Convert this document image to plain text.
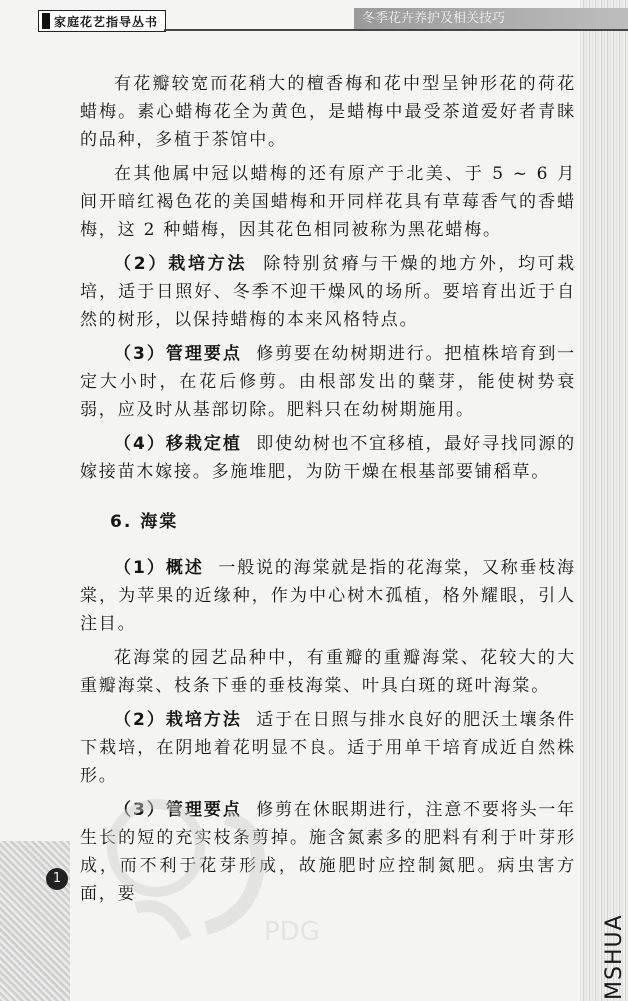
家庭花艺指导丛书	冬季花卉养护及相关技巧

有花瓣较宽而花稍大的檀香梅和花中型呈钟形花的荷花蜡梅。素心蜡梅花全为黄色，是蜡梅中最受茶道爱好者青睐的品种，多植于茶馆中。

在其他属中冠以蜡梅的还有原产于北美、于 5 ~ 6 月间开暗红褐色花的美国蜡梅和开同样花具有草莓香气的香蜡梅，这 2 种蜡梅，因其花色相同被称为黑花蜡梅。

（2）栽培方法 除特别贫瘠与干燥的地方外，均可栽培，适于日照好、冬季不迎干燥风的场所。要培育出近于自然的树形，以保持蜡梅的本来风格特点。

（3）管理要点 修剪要在幼树期进行。把植株培育到一定大小时，在花后修剪。由根部发出的蘖芽，能使树势衰弱，应及时从基部切除。肥料只在幼树期施用。

（4）移栽定植 即使幼树也不宜移植，最好寻找同源的嫁接苗木嫁接。多施堆肥，为防干燥在根基部要铺稻草。

6. 海棠

（1）概述 一般说的海棠就是指的花海棠，又称垂枝海棠，为苹果的近缘种，作为中心树木孤植，格外耀眼，引人注目。

花海棠的园艺品种中，有重瓣的重瓣海棠、花较大的大重瓣海棠、枝条下垂的垂枝海棠、叶具白斑的斑叶海棠。

（2）栽培方法 适于在日照与排水良好的肥沃土壤条件下栽培，在阴地着花明显不良。适于用单干培育成近自然株形。

（3）管理要点 修剪在休眠期进行，注意不要将头一年生长的短的充实枝条剪掉。施含氮素多的肥料有利于叶芽形成，而不利于花芽形成，故施肥时应控制氮肥。病虫害方面，要

PDG
1
MSHUA
